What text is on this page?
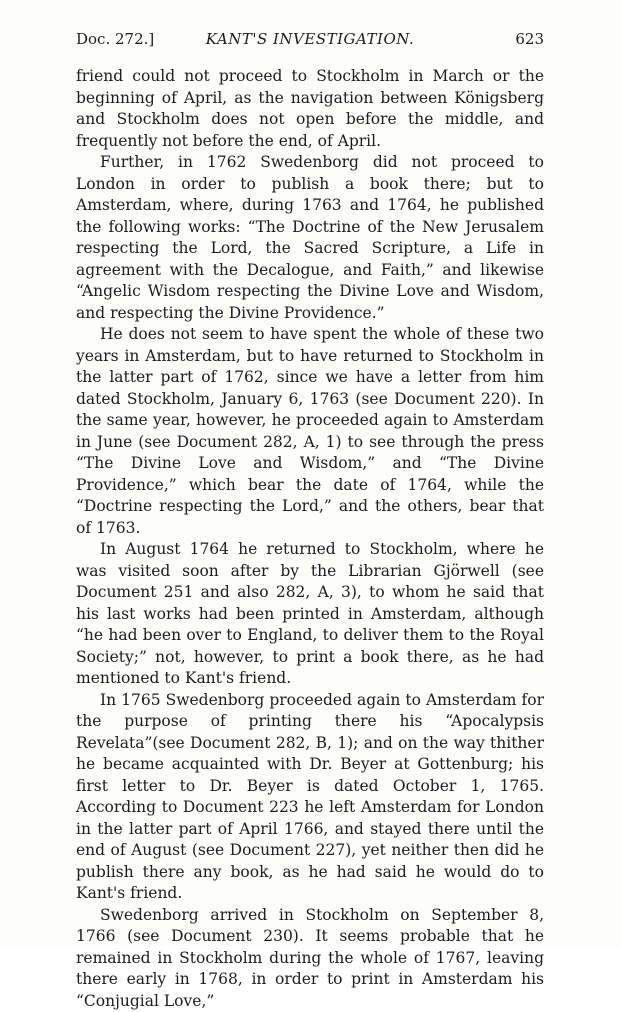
Doc. 272.]	KANT'S INVESTIGATION.	623

friend could not proceed to Stockholm in March or the beginning of April, as the navigation between Königsberg and Stockholm does not open before the middle, and frequently not before the end, of April.

Further, in 1762 Swedenborg did not proceed to London in order to publish a book there; but to Amsterdam, where, during 1763 and 1764, he published the following works: “The Doctrine of the New Jerusalem respecting the Lord, the Sacred Scripture, a Life in agreement with the Decalogue, and Faith,” and likewise “Angelic Wisdom respecting the Divine Love and Wisdom, and respecting the Divine Providence.”

He does not seem to have spent the whole of these two years in Amsterdam, but to have returned to Stockholm in the latter part of 1762, since we have a letter from him dated Stockholm, January 6, 1763 (see Document 220). In the same year, however, he proceeded again to Amsterdam in June (see Document 282, A, 1) to see through the press “The Divine Love and Wisdom,” and “The Divine Providence,” which bear the date of 1764, while the “Doctrine respecting the Lord,” and the others, bear that of 1763.

In August 1764 he returned to Stockholm, where he was visited soon after by the Librarian Gjörwell (see Document 251 and also 282, A, 3), to whom he said that his last works had been printed in Amsterdam, although “he had been over to England, to deliver them to the Royal Society;” not, however, to print a book there, as he had mentioned to Kant's friend.

In 1765 Swedenborg proceeded again to Amsterdam for the purpose of printing there his “Apocalypsis Revelata”(see Document 282, B, 1); and on the way thither he became acquainted with Dr. Beyer at Gottenburg; his first letter to Dr. Beyer is dated October 1, 1765. According to Document 223 he left Amsterdam for London in the latter part of April 1766, and stayed there until the end of August (see Document 227), yet neither then did he publish there any book, as he had said he would do to Kant's friend.

Swedenborg arrived in Stockholm on September 8, 1766 (see Document 230). It seems probable that he remained in Stockholm during the whole of 1767, leaving there early in 1768, in order to print in Amsterdam his “Conjugial Love,”
